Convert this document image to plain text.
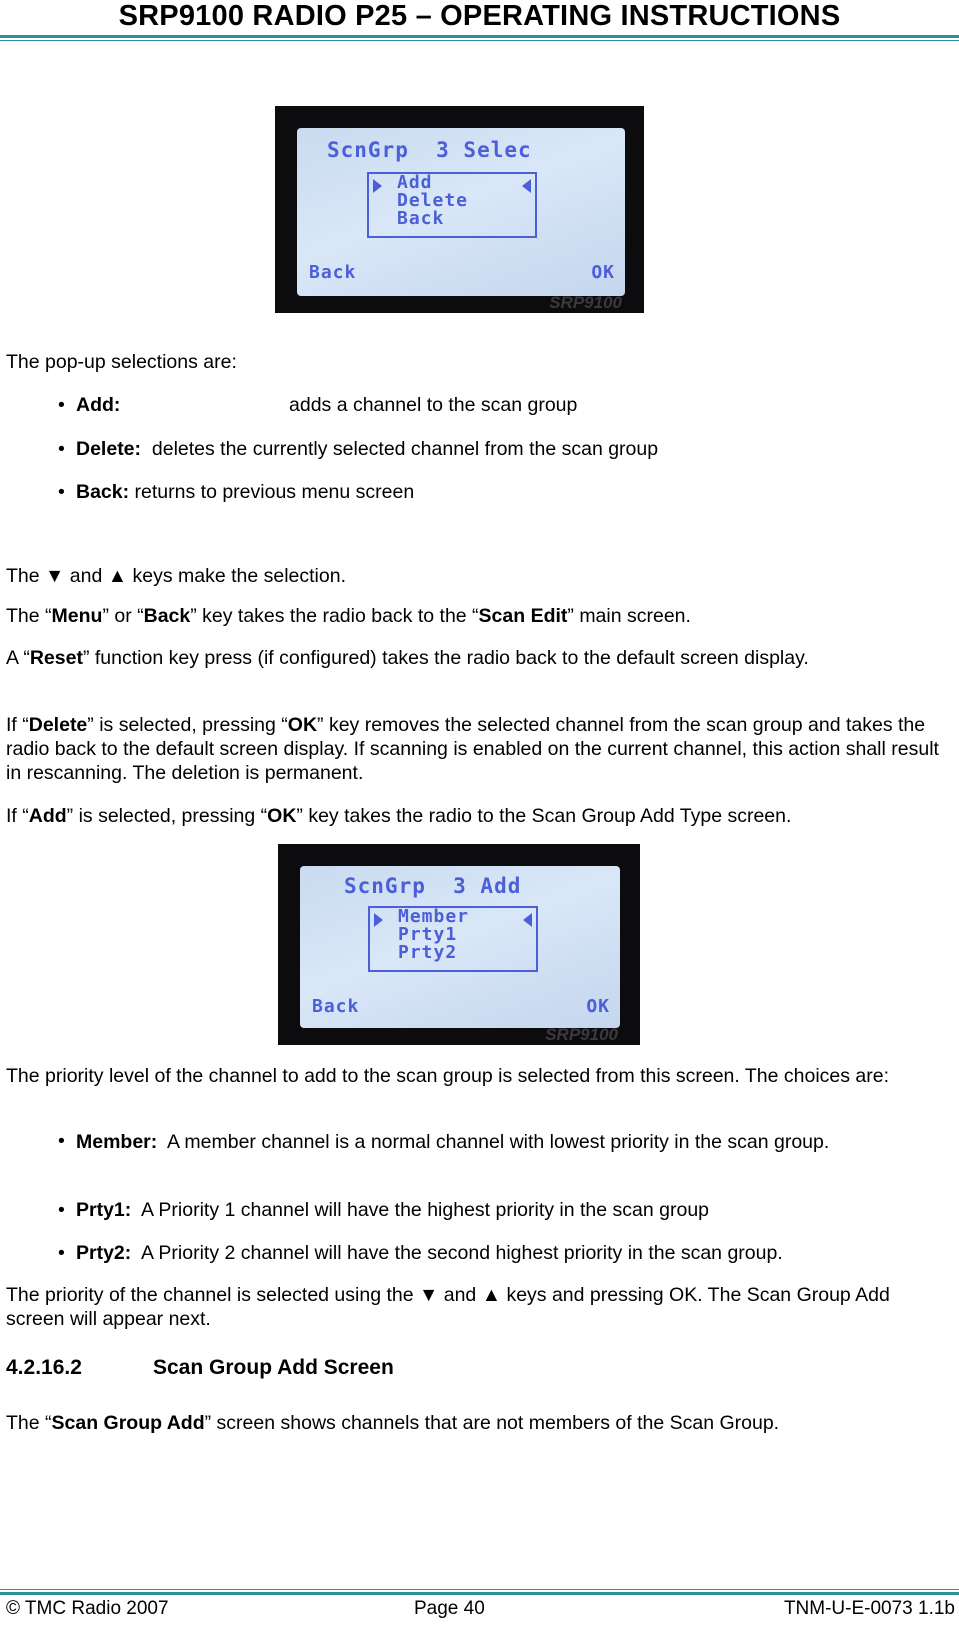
SRP9100 RADIO P25 – OPERATING INSTRUCTIONS
ScnGrp  3 Selec
Add
Delete
Back
Back	OK
SRP9100
The pop-up selections are:
• Add:	adds a channel to the scan group
• Delete: deletes the currently selected channel from the scan group
• Back: returns to previous menu screen
The ▼ and ▲ keys make the selection.
The “Menu” or “Back” key takes the radio back to the “Scan Edit” main screen.
A “Reset” function key press (if configured) takes the radio back to the default screen display.
If “Delete” is selected, pressing “OK” key removes the selected channel from the scan group and takes the radio back to the default screen display. If scanning is enabled on the current channel, this action shall result in rescanning. The deletion is permanent.
If “Add” is selected, pressing “OK” key takes the radio to the Scan Group Add Type screen.
ScnGrp  3 Add
Member
Prty1
Prty2
Back	OK
SRP9100
The priority level of the channel to add to the scan group is selected from this screen. The choices are:
• Member: A member channel is a normal channel with lowest priority in the scan group.
• Prty1: A Priority 1 channel will have the highest priority in the scan group
• Prty2: A Priority 2 channel will have the second highest priority in the scan group.
The priority of the channel is selected using the ▼ and ▲ keys and pressing OK. The Scan Group Add screen will appear next.
4.2.16.2	Scan Group Add Screen
The “Scan Group Add” screen shows channels that are not members of the Scan Group.
© TMC Radio 2007	Page 40	TNM-U-E-0073 1.1b
